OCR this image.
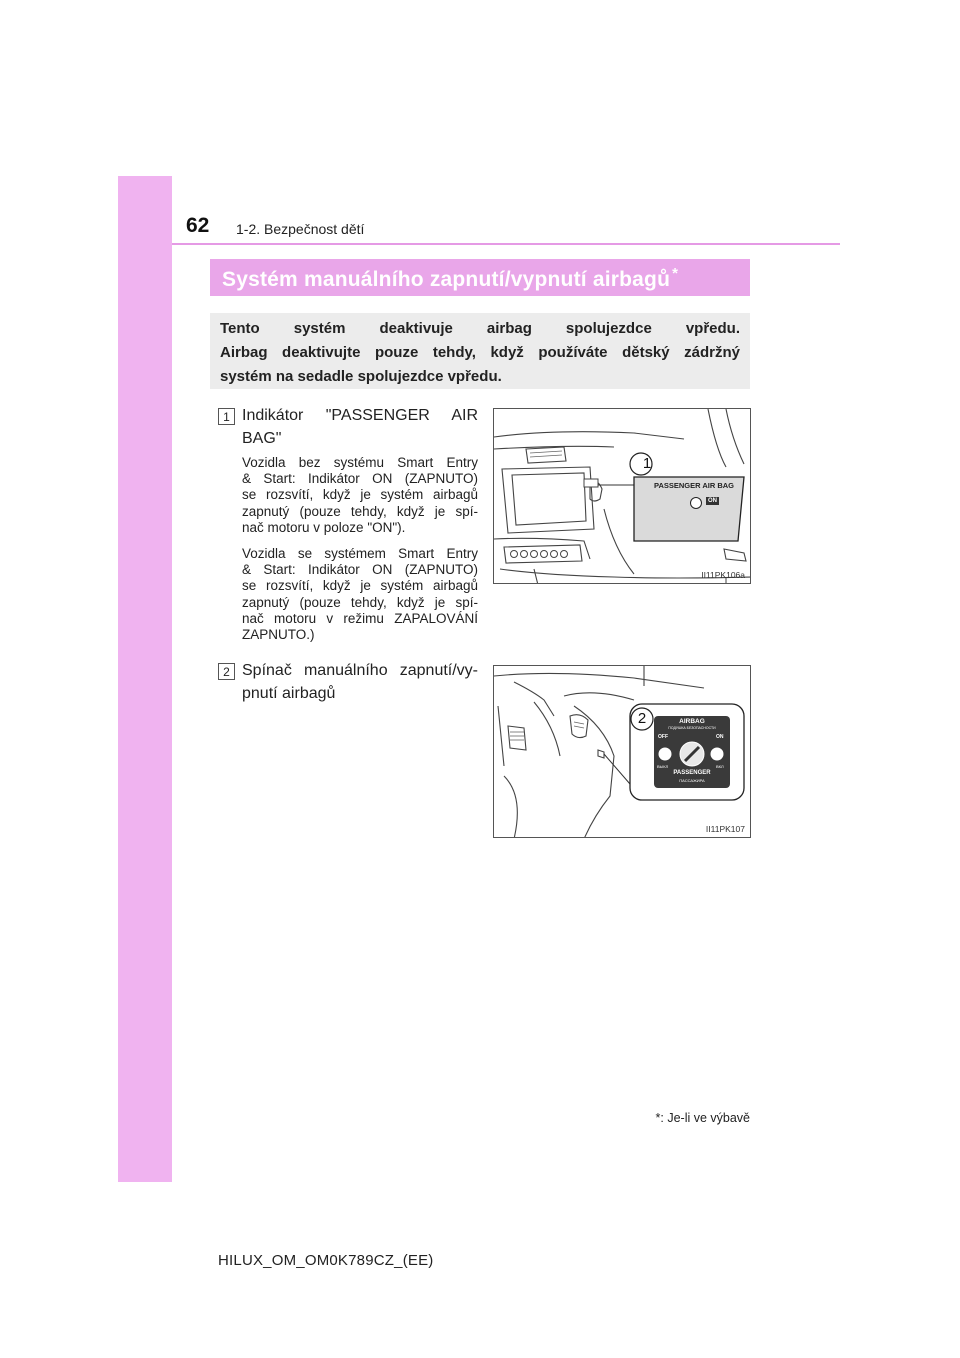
62 1-2. Bezpečnost dětí
Systém manuálního zapnutí/vypnutí airbagů *
Tento systém deaktivuje airbag spolujezdce vpředu.
Airbag deaktivujte pouze tehdy, když používáte dětský zádržný
systém na sedadle spolujezdce vpředu.
1 Indikátor "PASSENGER AIR
BAG"
Vozidla bez systému Smart Entry
& Start: Indikátor ON (ZAPNUTO)
se rozsvítí, když je systém airbagů
zapnutý (pouze tehdy, když je spí-
nač motoru v poloze "ON").
Vozidla se systémem Smart Entry
& Start: Indikátor ON (ZAPNUTO)
se rozsvítí, když je systém airbagů
zapnutý (pouze tehdy, když je spí-
nač motoru v režimu ZAPALOVÁNÍ
ZAPNUTO.)
2 Spínač manuálního zapnutí/vy-
pnutí airbagů
1
PASSENGER AIR BAG
ON
II11PK106a
2	AIRBAG
ПОДУШКА БЕЗОПАСНОСТИ
OFF	ON
ВЫКЛ	ВКЛ
PASSENGER
ПАССАЖИРА
II11PK107
*: Je-li ve výbavě
HILUX_OM_OM0K789CZ_(EE)
